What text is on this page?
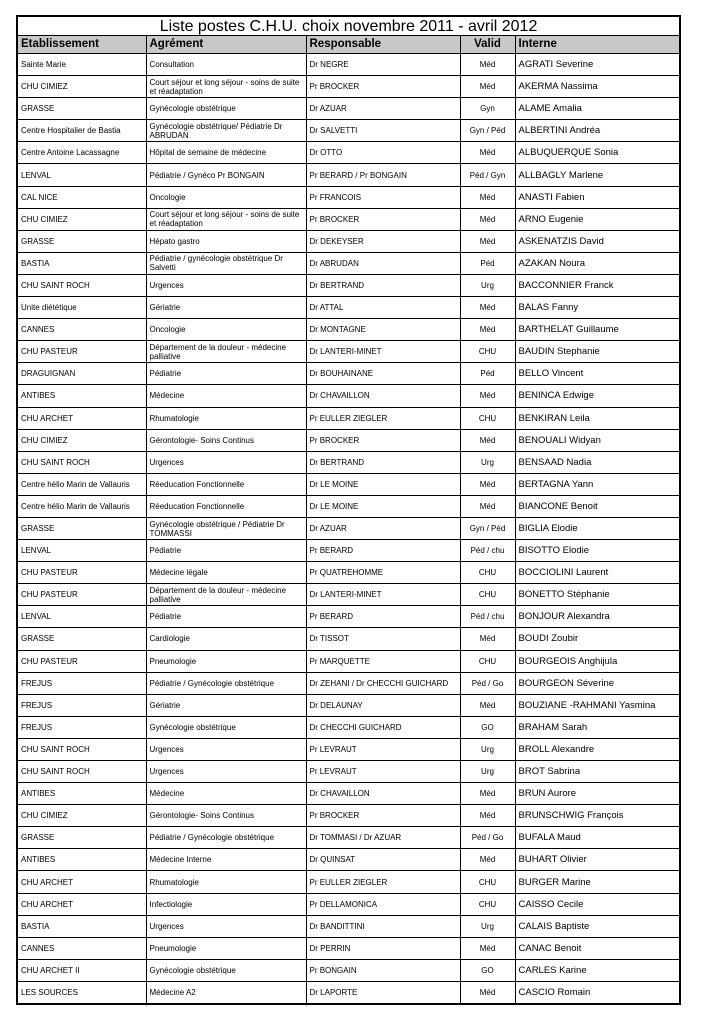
Liste postes C.H.U. choix novembre 2011 - avril 2012				
Etablissement	Agrément	Responsable	Valid	Interne
Sainte Marie	Consultation	Dr NEGRE	Méd	AGRATI Severine
CHU CIMIEZ	Court séjour et long séjour - soins de suite et réadaptation	Pr BROCKER	Méd	AKERMA Nassima
GRASSE	Gynécologie obstétrique	Dr AZUAR	Gyn	ALAME Amalia
Centre Hospitalier de Bastia	Gynécologie obstétrique/ Pédiatrie Dr ABRUDAN	Dr SALVETTI	Gyn / Péd	ALBERTINI Andréa
Centre Antoine Lacassagne	Hôpital de semaine de médecine	Dr OTTO	Méd	ALBUQUERQUE Sonia
LENVAL	Pédiatrie / Gynéco Pr BONGAIN	Pr BERARD / Pr BONGAIN	Péd / Gyn	ALLBAGLY Marlene
CAL NICE	Oncologie	Pr FRANCOIS	Méd	ANASTI Fabien
CHU CIMIEZ	Court séjour et long séjour - soins de suite et réadaptation	Pr BROCKER	Méd	ARNO Eugenie
GRASSE	Hépato gastro	Dr DEKEYSER	Méd	ASKENATZIS David
BASTIA	Pédiatrie / gynécologie obstétrique Dr Salvetti	Dr ABRUDAN	Péd	AZAKAN Noura
CHU SAINT ROCH	Urgences	Dr BERTRAND	Urg	BACCONNIER Franck
Unite diététique	Gériatrie	Dr ATTAL	Méd	BALAS Fanny
CANNES	Oncologie	Dr MONTAGNE	Méd	BARTHELAT Guillaume
CHU PASTEUR	Département de la douleur - médecine palliative	Dr LANTERI-MINET	CHU	BAUDIN Stephanie
DRAGUIGNAN	Pédiatrie	Dr BOUHAINANE	Péd	BELLO Vincent
ANTIBES	Médecine	Dr CHAVAILLON	Méd	BENINCA Edwige
CHU ARCHET	Rhumatologie	Pr EULLER ZIEGLER	CHU	BENKIRAN Leila
CHU CIMIEZ	Gérontologie- Soins Continus	Pr BROCKER	Méd	BENOUALI Widyan
CHU SAINT ROCH	Urgences	Dr BERTRAND	Urg	BENSAAD Nadia
Centre hélio Marin de Vallauris	Réeducation Fonctionnelle	Dr LE MOINE	Méd	BERTAGNA Yann
Centre hélio Marin de Vallauris	Réeducation Fonctionnelle	Dr LE MOINE	Méd	BIANCONE Benoit
GRASSE	Gynécologie obstétrique / Pédiatrie Dr TOMMASSI	Dr AZUAR	Gyn / Péd	BIGLIA Elodie
LENVAL	Pédiatrie	Pr BERARD	Péd / chu	BISOTTO Elodie
CHU PASTEUR	Médecine légale	Pr QUATREHOMME	CHU	BOCCIOLINI Laurent
CHU PASTEUR	Département de la douleur - médecine palliative	Dr LANTERI-MINET	CHU	BONETTO Stéphanie
LENVAL	Pédiatrie	Pr BERARD	Péd / chu	BONJOUR Alexandra
GRASSE	Cardiologie	Dr TISSOT	Méd	BOUDI Zoubir
CHU PASTEUR	Pneumologie	Pr MARQUETTE	CHU	BOURGEOIS Anghijula
FREJUS	Pédiatrie / Gynécologie obstétrique	Dr ZEHANI / Dr CHECCHI GUICHARD	Péd / Go	BOURGEON Séverine
FREJUS	Gériatrie	Dr DELAUNAY	Méd	BOUZIANE -RAHMANI Yasmina
FREJUS	Gynécologie obstétrique	Dr CHECCHI GUICHARD	GO	BRAHAM Sarah
CHU SAINT ROCH	Urgences	Pr LEVRAUT	Urg	BROLL Alexandre
CHU SAINT ROCH	Urgences	Pr LEVRAUT	Urg	BROT Sabrina
ANTIBES	Médecine	Dr CHAVAILLON	Méd	BRUN Aurore
CHU CIMIEZ	Gérontologie- Soins Continus	Pr BROCKER	Méd	BRUNSCHWIG François
GRASSE	Pédiatrie / Gynécologie obstétrique	Dr TOMMASI / Dr AZUAR	Péd / Go	BUFALA Maud
ANTIBES	Médecine Interne	Dr QUINSAT	Méd	BUHART Olivier
CHU ARCHET	Rhumatologie	Pr EULLER ZIEGLER	CHU	BURGER Marine
CHU ARCHET	Infectiologie	Pr DELLAMONICA	CHU	CAISSO Cecile
BASTIA	Urgences	Dr BANDITTINI	Urg	CALAIS Baptiste
CANNES	Pneumologie	Dr PERRIN	Méd	CANAC Benoit
CHU ARCHET II	Gynécologie obstétrique	Pr BONGAIN	GO	CARLES Karine
LES SOURCES	Médecine A2	Dr LAPORTE	Méd	CASCIO Romain
